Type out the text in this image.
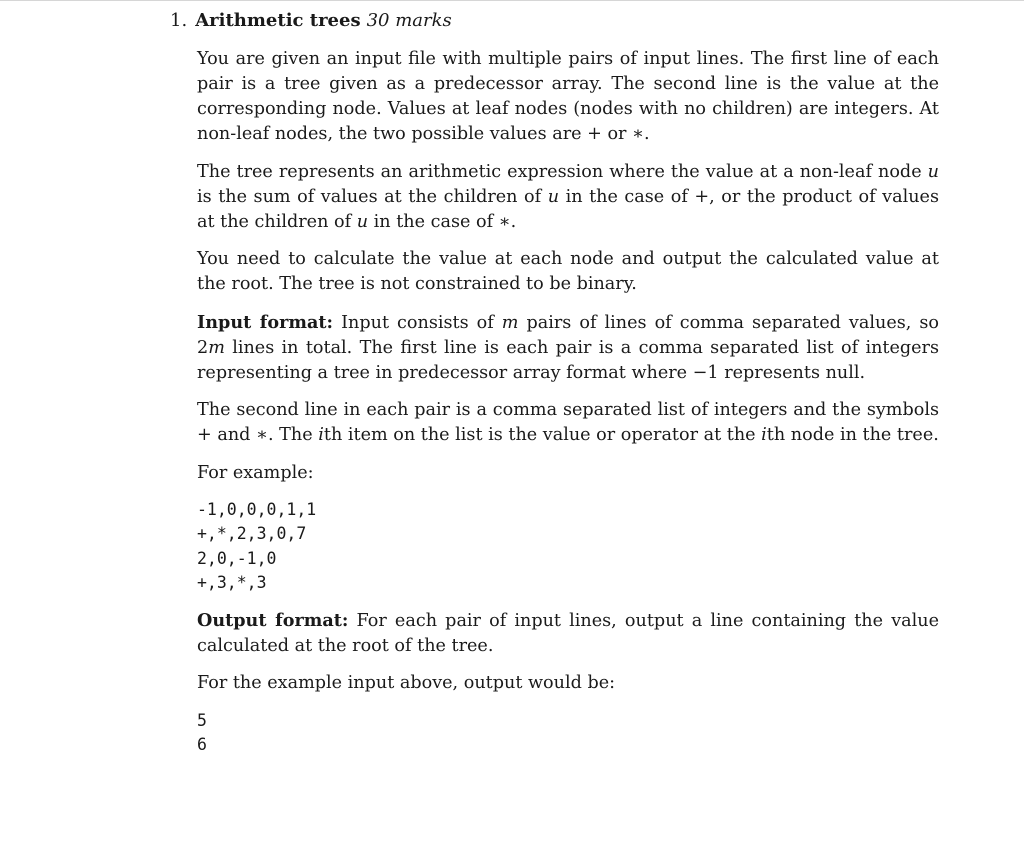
1. Arithmetic trees 30 marks

You are given an input file with multiple pairs of input lines. The first line of each pair is a tree given as a predecessor array. The second line is the value at the corresponding node. Values at leaf nodes (nodes with no children) are integers. At non-leaf nodes, the two possible values are + or ∗.

The tree represents an arithmetic expression where the value at a non-leaf node u is the sum of values at the children of u in the case of +, or the product of values at the children of u in the case of ∗.

You need to calculate the value at each node and output the calculated value at the root. The tree is not constrained to be binary.

Input format: Input consists of m pairs of lines of comma separated values, so 2m lines in total. The first line is each pair is a comma separated list of integers representing a tree in predecessor array format where −1 represents null.

The second line in each pair is a comma separated list of integers and the symbols + and ∗. The ith item on the list is the value or operator at the ith node in the tree.

For example:

-1,0,0,0,1,1
+,*,2,3,0,7
2,0,-1,0
+,3,*,3

Output format: For each pair of input lines, output a line containing the value calculated at the root of the tree.

For the example input above, output would be:

5
6
